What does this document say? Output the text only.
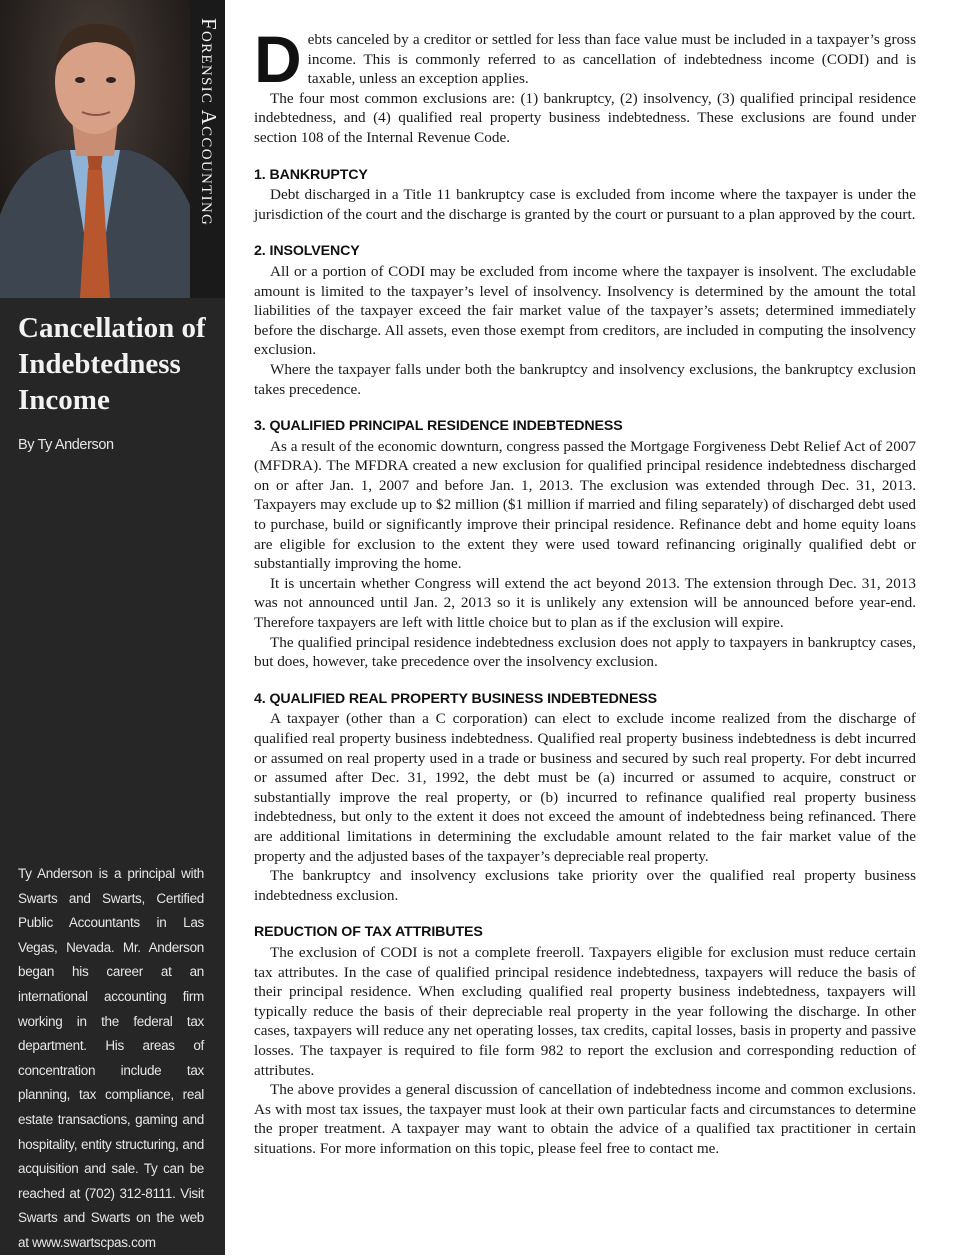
Forensic Accounting
Cancellation of Indebtedness Income
By Ty Anderson
Ty Anderson is a principal with Swarts and Swarts, Certified Public Accountants in Las Vegas, Nevada. Mr. Anderson began his career at an international accounting firm working in the federal tax department. His areas of concentration include tax planning, tax compliance, real estate transactions, gaming and hospitality, entity structuring, and acquisition and sale. Ty can be reached at (702) 312-8111. Visit Swarts and Swarts on the web at www.swartscpas.com

Debts canceled by a creditor or settled for less than face value must be included in a taxpayer’s gross income. This is commonly referred to as cancellation of indebtedness income (CODI) and is taxable, unless an exception applies.

The four most common exclusions are: (1) bankruptcy, (2) insolvency, (3) qualified principal residence indebtedness, and (4) qualified real property business indebtedness. These exclusions are found under section 108 of the Internal Revenue Code.

1. BANKRUPTCY

Debt discharged in a Title 11 bankruptcy case is excluded from income where the taxpayer is under the jurisdiction of the court and the discharge is granted by the court or pursuant to a plan approved by the court.

2. INSOLVENCY

All or a portion of CODI may be excluded from income where the taxpayer is insolvent. The excludable amount is limited to the taxpayer’s level of insolvency. Insolvency is determined by the amount the total liabilities of the taxpayer exceed the fair market value of the taxpayer’s assets; determined immediately before the discharge. All assets, even those exempt from creditors, are included in computing the insolvency exclusion.

Where the taxpayer falls under both the bankruptcy and insolvency exclusions, the bankruptcy exclusion takes precedence.

3. QUALIFIED PRINCIPAL RESIDENCE INDEBTEDNESS

As a result of the economic downturn, congress passed the Mortgage Forgiveness Debt Relief Act of 2007 (MFDRA). The MFDRA created a new exclusion for qualified principal residence indebtedness discharged on or after Jan. 1, 2007 and before Jan. 1, 2013. The exclusion was extended through Dec. 31, 2013. Taxpayers may exclude up to $2 million ($1 million if married and filing separately) of discharged debt used to purchase, build or significantly improve their principal residence. Refinance debt and home equity loans are eligible for exclusion to the extent they were used toward refinancing originally qualified debt or substantially improving the home.

It is uncertain whether Congress will extend the act beyond 2013. The extension through Dec. 31, 2013 was not announced until Jan. 2, 2013 so it is unlikely any extension will be announced before year-end. Therefore taxpayers are left with little choice but to plan as if the exclusion will expire.

The qualified principal residence indebtedness exclusion does not apply to taxpayers in bankruptcy cases, but does, however, take precedence over the insolvency exclusion.

4. QUALIFIED REAL PROPERTY BUSINESS INDEBTEDNESS

A taxpayer (other than a C corporation) can elect to exclude income realized from the discharge of qualified real property business indebtedness. Qualified real property business indebtedness is debt incurred or assumed on real property used in a trade or business and secured by such real property. For debt incurred or assumed after Dec. 31, 1992, the debt must be (a) incurred or assumed to acquire, construct or substantially improve the real property, or (b) incurred to refinance qualified real property business indebtedness, but only to the extent it does not exceed the amount of indebtedness being refinanced. There are additional limitations in determining the excludable amount related to the fair market value of the property and the adjusted bases of the taxpayer’s depreciable real property.

The bankruptcy and insolvency exclusions take priority over the qualified real property business indebtedness exclusion.

REDUCTION OF TAX ATTRIBUTES

The exclusion of CODI is not a complete freeroll. Taxpayers eligible for exclusion must reduce certain tax attributes. In the case of qualified principal residence indebtedness, taxpayers will reduce the basis of their principal residence. When excluding qualified real property business indebtedness, taxpayers will typically reduce the basis of their depreciable real property in the year following the discharge. In other cases, taxpayers will reduce any net operating losses, tax credits, capital losses, basis in property and passive losses. The taxpayer is required to file form 982 to report the exclusion and corresponding reduction of attributes.

The above provides a general discussion of cancellation of indebtedness income and common exclusions. As with most tax issues, the taxpayer must look at their own particular facts and circumstances to determine the proper treatment. A taxpayer may want to obtain the advice of a qualified tax practitioner in certain situations. For more information on this topic, please feel free to contact me.
